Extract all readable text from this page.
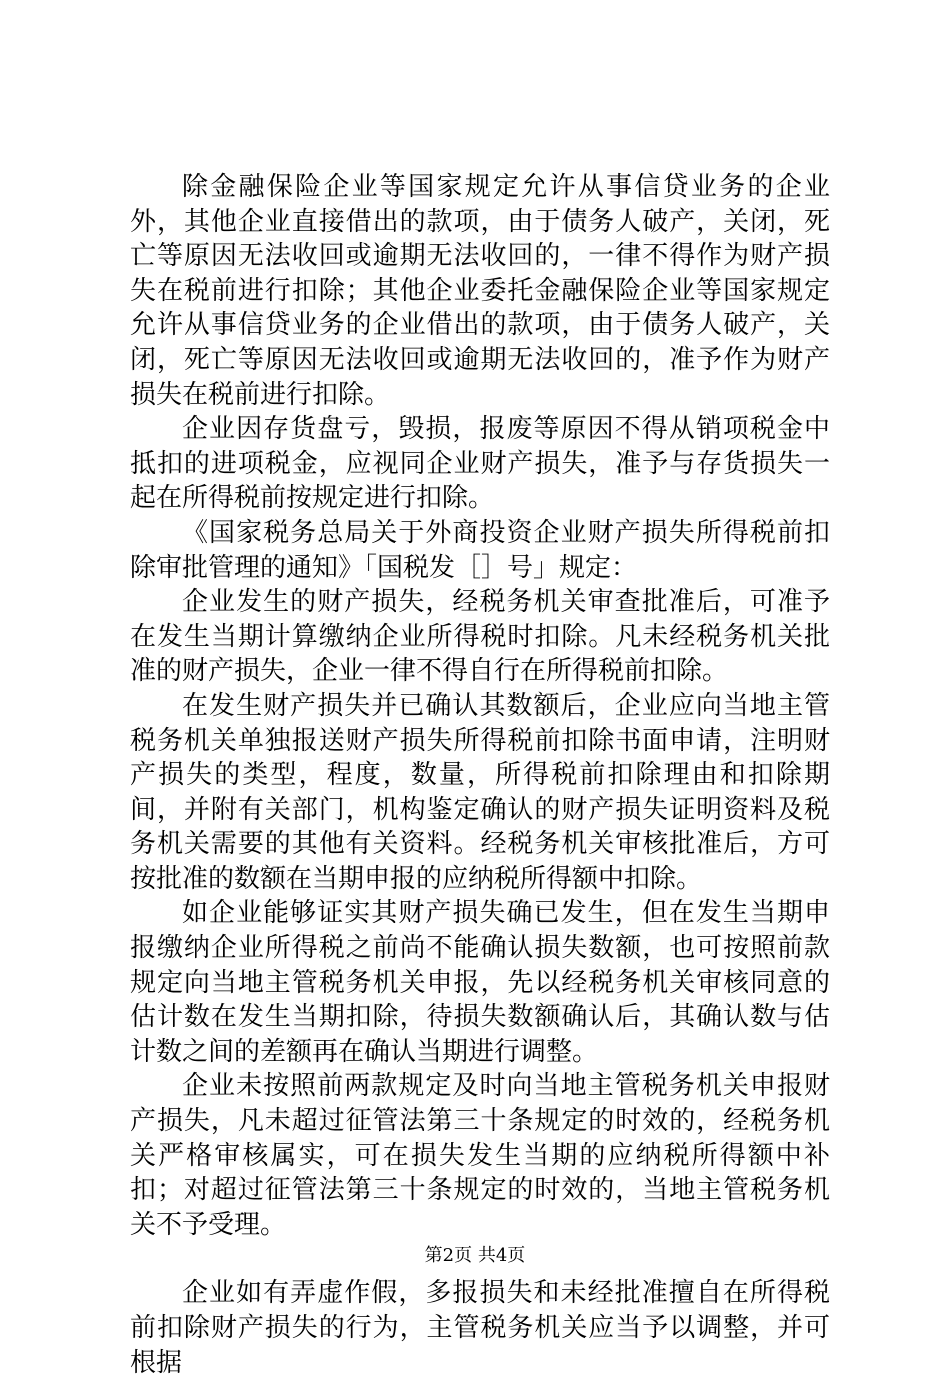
除金融保险企业等国家规定允许从事信贷业务的企业外，其他企业直接借出的款项，由于债务人破产，关闭，死亡等原因无法收回或逾期无法收回的，一律不得作为财产损失在税前进行扣除；其他企业委托金融保险企业等国家规定允许从事信贷业务的企业借出的款项，由于债务人破产，关闭，死亡等原因无法收回或逾期无法收回的，准予作为财产损失在税前进行扣除。

企业因存货盘亏，毁损，报废等原因不得从销项税金中抵扣的进项税金，应视同企业财产损失，准予与存货损失一起在所得税前按规定进行扣除。

《国家税务总局关于外商投资企业财产损失所得税前扣除审批管理的通知》「国税发［］号」规定：

企业发生的财产损失，经税务机关审查批准后，可准予在发生当期计算缴纳企业所得税时扣除。凡未经税务机关批准的财产损失，企业一律不得自行在所得税前扣除。

在发生财产损失并已确认其数额后，企业应向当地主管税务机关单独报送财产损失所得税前扣除书面申请，注明财产损失的类型，程度，数量，所得税前扣除理由和扣除期间，并附有关部门，机构鉴定确认的财产损失证明资料及税务机关需要的其他有关资料。经税务机关审核批准后，方可按批准的数额在当期申报的应纳税所得额中扣除。

如企业能够证实其财产损失确已发生，但在发生当期申报缴纳企业所得税之前尚不能确认损失数额，也可按照前款规定向当地主管税务机关申报，先以经税务机关审核同意的估计数在发生当期扣除，待损失数额确认后，其确认数与估计数之间的差额再在确认当期进行调整。

企业未按照前两款规定及时向当地主管税务机关申报财产损失，凡未超过征管法第三十条规定的时效的，经税务机关严格审核属实，可在损失发生当期的应纳税所得额中补扣；对超过征管法第三十条规定的时效的，当地主管税务机关不予受理。

企业如有弄虚作假，多报损失和未经批准擅自在所得税前扣除财产损失的行为，主管税务机关应当予以调整，并可根据

第2页 共4页
